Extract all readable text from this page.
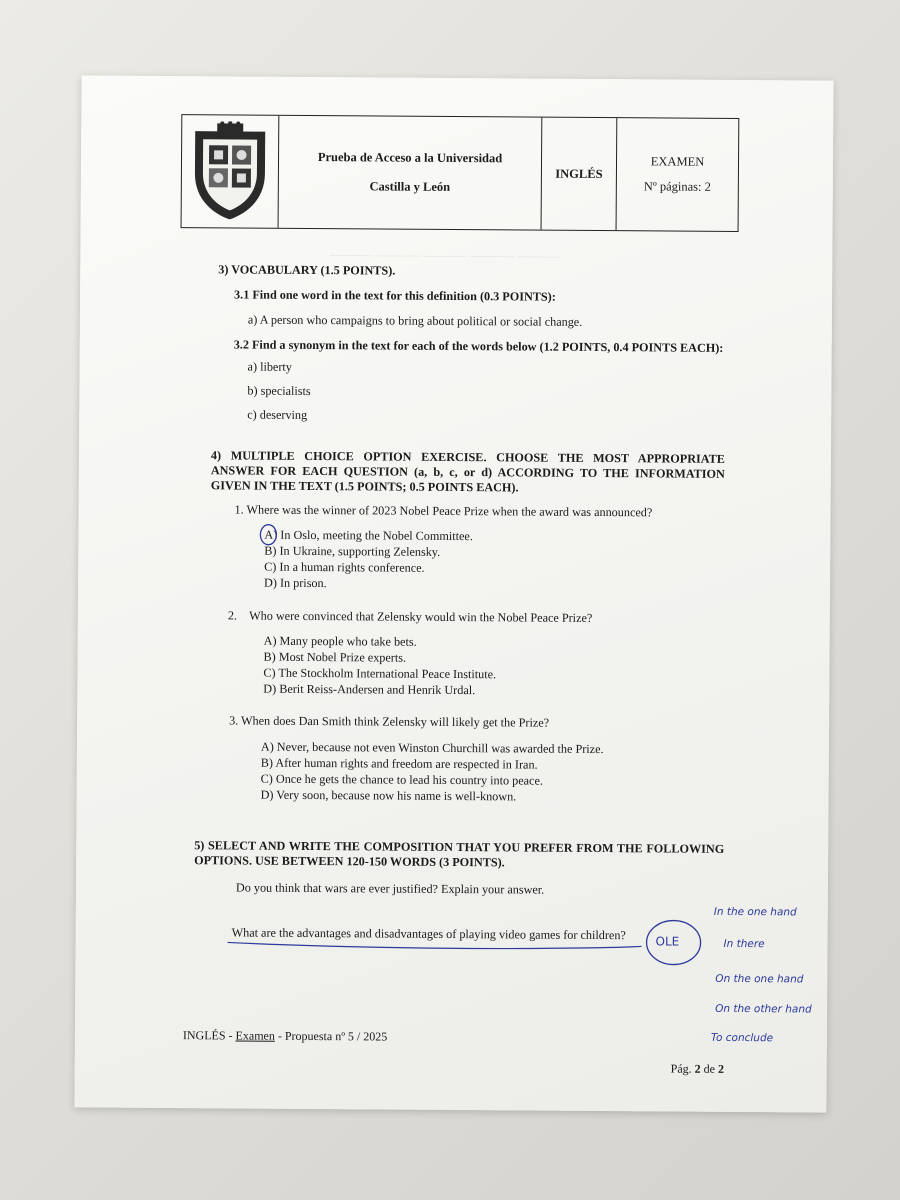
———— ———— ———— ———— ————
Prueba de Acceso a la Universidad
Castilla y León
INGLÉS
EXAMEN
Nº páginas: 2
3) VOCABULARY (1.5 POINTS).
3.1 Find one word in the text for this definition (0.3 POINTS):
a) A person who campaigns to bring about political or social change.
3.2 Find a synonym in the text for each of the words below (1.2 POINTS, 0.4 POINTS EACH):
a) liberty
b) specialists
c) deserving
4) MULTIPLE CHOICE OPTION EXERCISE. CHOOSE THE MOST APPROPRIATE ANSWER FOR EACH QUESTION (a, b, c, or d) ACCORDING TO THE INFORMATION GIVEN IN THE TEXT (1.5 POINTS; 0.5 POINTS EACH).
1. Where was the winner of 2023 Nobel Peace Prize when the award was announced?
A) In Oslo, meeting the Nobel Committee.
B) In Ukraine, supporting Zelensky.
C) In a human rights conference.
D) In prison.
2.    Who were convinced that Zelensky would win the Nobel Peace Prize?
A) Many people who take bets.
B) Most Nobel Prize experts.
C) The Stockholm International Peace Institute.
D) Berit Reiss-Andersen and Henrik Urdal.
3. When does Dan Smith think Zelensky will likely get the Prize?
A) Never, because not even Winston Churchill was awarded the Prize.
B) After human rights and freedom are respected in Iran.
C) Once he gets the chance to lead his country into peace.
D) Very soon, because now his name is well-known.
5) SELECT AND WRITE THE COMPOSITION THAT YOU PREFER FROM THE FOLLOWING OPTIONS. USE BETWEEN 120-150 WORDS (3 POINTS).
Do you think that wars are ever justified? Explain your answer.
What are the advantages and disadvantages of playing video games for children? OLE
In the one hand
In there
On the one hand
On the other hand
To conclude
INGLÉS - Examen - Propuesta nº 5 / 2025
Pág. 2 de 2
